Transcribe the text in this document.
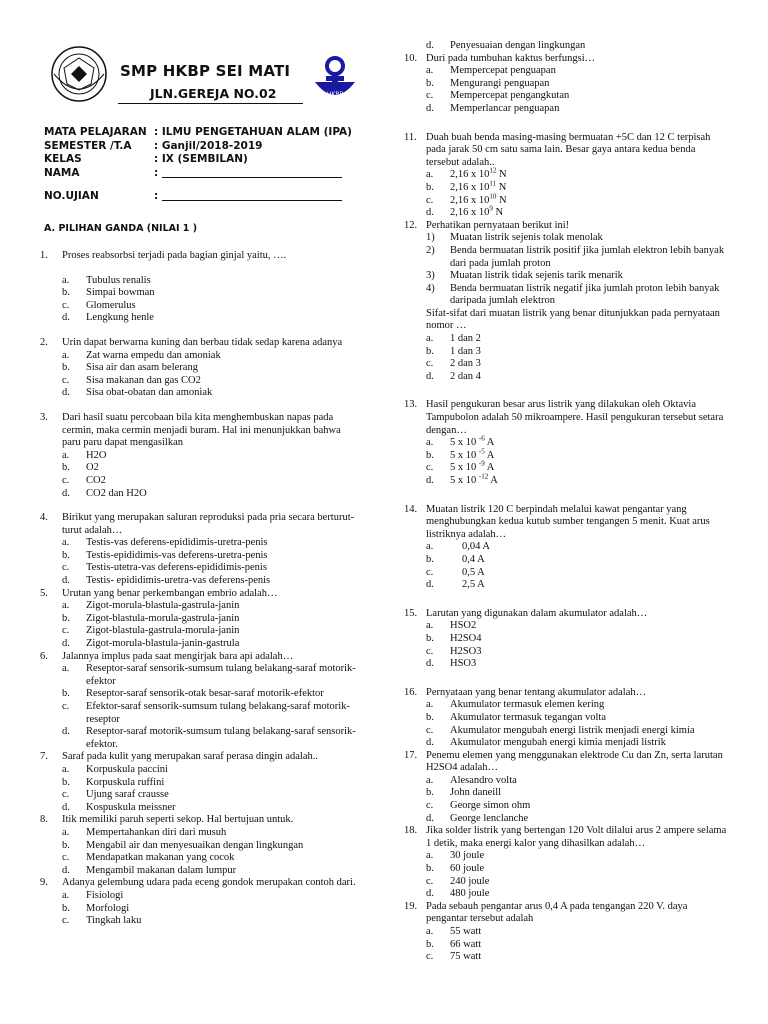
SMP HKBP SEI MATI
JLN.GEREJA NO.02	HKBP
MATA PELAJARAN : ILMU PENGETAHUAN ALAM (IPA)
SEMESTER /T.A	: Ganjil/2018-2019
KELAS	: IX (SEMBILAN)
NAMA	:

NO.UJIAN	:

A. PILIHAN GANDA (NILAI 1 )
1.	Proses reabsorbsi terjadi pada bagian ginjal yaitu, ….
a.	Tubulus renalis
b.	Simpai bowman
c.	Glomerulus
d.	Lengkung henle
2.	Urin dapat berwarna kuning dan berbau tidak sedap karena adanya
a.	Zat warna empedu dan amoniak
b.	Sisa air dan asam belerang
c.	Sisa makanan dan gas CO2
d.	Sisa obat-obatan dan amoniak
3.	Dari hasil suatu percobaan bila kita menghembuskan napas pada cermin, maka cermin menjadi buram. Hal ini menunjukkan bahwa paru paru dapat mengasilkan
a.	H2O
b.	O2
c.	CO2
d.	CO2 dan H2O
4.	Birikut yang merupakan saluran reproduksi pada pria secara berturut-turut adalah…
a.	Testis-vas deferens-epididimis-uretra-penis
b.	Testis-epididimis-vas deferens-uretra-penis
c.	Testis-utetra-vas deferens-epididimis-penis
d.	Testis- epididimis-uretra-vas deferens-penis
5.	Urutan yang benar perkembangan embrio adalah…
a.	Zigot-morula-blastula-gastrula-janin
b.	Zigot-blastula-morula-gastrula-janin
c.	Zigot-blastula-gastrula-morula-janin
d.	Zigot-morula-blastula-janin-gastrula
6.	Jalannya implus pada saat mengirjak bara api adalah…
a.	Reseptor-saraf sensorik-sumsum tulang belakang-saraf motorik-efektor
b.	Reseptor-saraf sensorik-otak besar-saraf motorik-efektor
c.	Efektor-saraf sensorik-sumsum tulang belakang-saraf motorik-reseptor
d.	Reseptor-saraf motorik-sumsum tulang belakang-saraf sensorik-efektor.
7.	Saraf pada kulit yang merupakan saraf perasa dingin adalah..
a.	Korpuskula paccini
b.	Korpuskula ruffini
c.	Ujung saraf crausse
d.	Kospuskula meissner
8.	Itik memiliki paruh seperti sekop. Hal bertujuan untuk.
a.	Mempertahankan diri dari musuh
b.	Mengabil air dan menyesuaikan dengan lingkungan
c.	Mendapatkan makanan yang cocok
d.	Mengambil makanan dalam lumpur
9.	Adanya gelembung udara pada eceng gondok merupakan contoh dari.
a.	Fisiologi
b.	Morfologi
c.	Tingkah laku
d.	Penyesuaian dengan lingkungan
10. Duri pada tumbuhan kaktus berfungsi…
a.	Mempercepat penguapan
b.	Mengurangi penguapan
c.	Mempercepat pengangkutan
d.	Memperlancar penguapan
11. Duah buah benda masing-masing bermuatan +5C dan 12 C terpisah pada jarak 50 cm satu sama lain. Besar gaya antara kedua benda tersebut adalah..
a.	2,16 x $10^{12}$ N
b.	2,16 x $10^{11}$ N
c.	2,16 x $10^{10}$ N
d.	2,16 x $10^9$ N
12. Perhatikan pernyataan berikut ini!
1)	Muatan listrik sejenis tolak menolak
2)	Benda bermuatan listrik positif jika jumlah elektron lebih banyak dari pada jumlah proton
3)	Muatan listrik tidak sejenis tarik menarik
4)	Benda bermuatan listrik negatif jika jumlah proton lebih banyak daripada jumlah elektron
Sifat-sifat dari muatan listrik yang benar ditunjukkan pada pernyataan nomor …
a.	1 dan 2
b.	1 dan 3
c.	2 dan 3
d.	2 dan 4
13. Hasil pengukuran besar arus listrik yang dilakukan oleh Oktavia Tampubolon adalah 50 mikroampere. Hasil pengukuran tersebut setara dengan…
a.	5 x 10 $^{-6}$ A
b.	5 x 10 $^{-5}$ A
c.	5 x 10 $^{-9}$ A
d.	5 x 10 $^{-12}$ A
14. Muatan listrik 120 C berpindah melalui kawat pengantar yang menghubungkan kedua kutub sumber tengangen 5 menit. Kuat arus listriknya adalah…
a.	0,04 A
b.	0,4 A
c.	0,5 A
d.	2,5 A
15. Larutan yang digunakan dalam akumulator adalah…
a.	HSO2
b.	H2SO4
c.	H2SO3
d.	HSO3
16. Pernyataan yang benar tentang akumulator adalah…
a.	Akumulator termasuk elemen kering
b.	Akumulator termasuk tegangan volta
c.	Akumulator mengubah energi listrik menjadi energi kimia
d.	Akumulator mengubah energi kimia menjadi listrik
17. Penemu elemen yang menggunakan elektrode Cu dan Zn, serta larutan H2SO4 adalah…
a.	Alesandro volta
b.	John daneill
c.	George simon ohm
d.	George lenclanche
18. Jika solder listrik yang bertengan 120 Volt dilalui arus 2 ampere selama 1 detik, maka energi kalor yang dihasilkan adalah…
a.	30 joule
b.	60 joule
c.	240 joule
d.	480 joule
19. Pada sebauh pengantar arus 0,4 A pada tengangan 220 V. daya pengantar tersebut adalah
a.	55 watt
b.	66 watt
c.	75 watt
